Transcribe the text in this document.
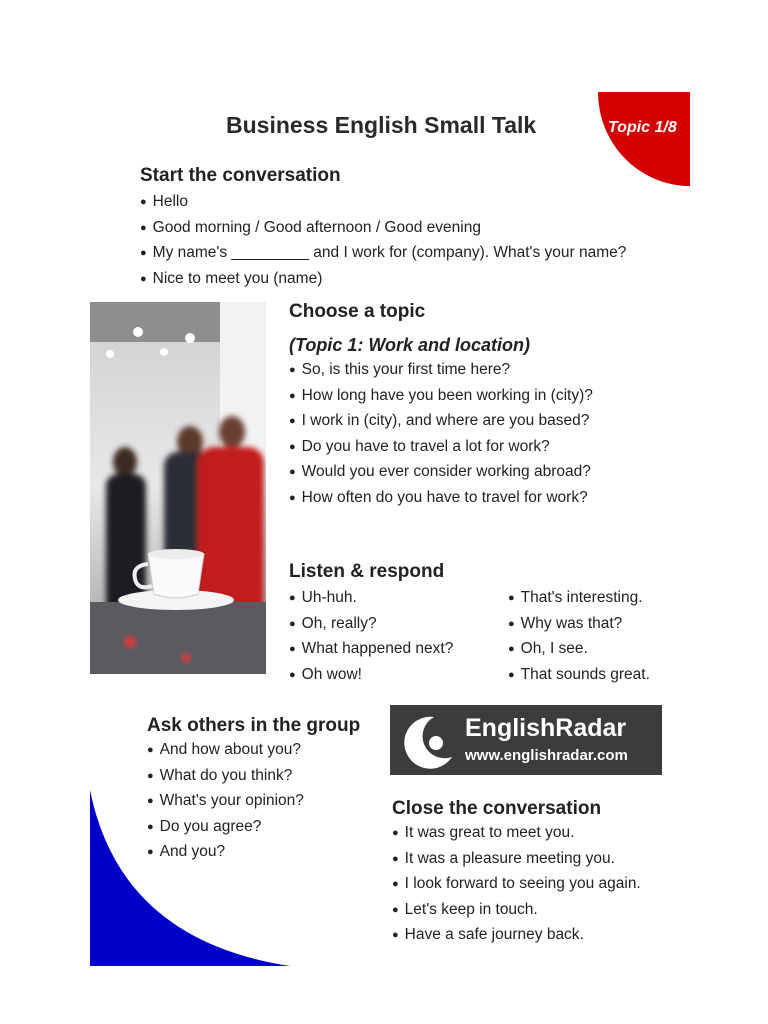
Business English Small Talk	Topic 1/8
Start the conversation
● Hello
● Good morning / Good afternoon / Good evening
● My name's _________ and I work for (company). What's your name?
● Nice to meet you (name)
Choose a topic
(Topic 1: Work and location)
● So, is this your first time here?
● How long have you been working in (city)?
● I work in (city), and where are you based?
● Do you have to travel a lot for work?
● Would you ever consider working abroad?
● How often do you have to travel for work?
Listen & respond
● Uh-huh.
● Oh, really?
● What happened next?
● Oh wow!
● That's interesting.
● Why was that?
● Oh, I see.
● That sounds great.
Ask others in the group
● And how about you?
● What do you think?
● What's your opinion?
● Do you agree?
● And you?
EnglishRadar
www.englishradar.com
Close the conversation
● It was great to meet you.
● It was a pleasure meeting you.
● I look forward to seeing you again.
● Let's keep in touch.
● Have a safe journey back.
